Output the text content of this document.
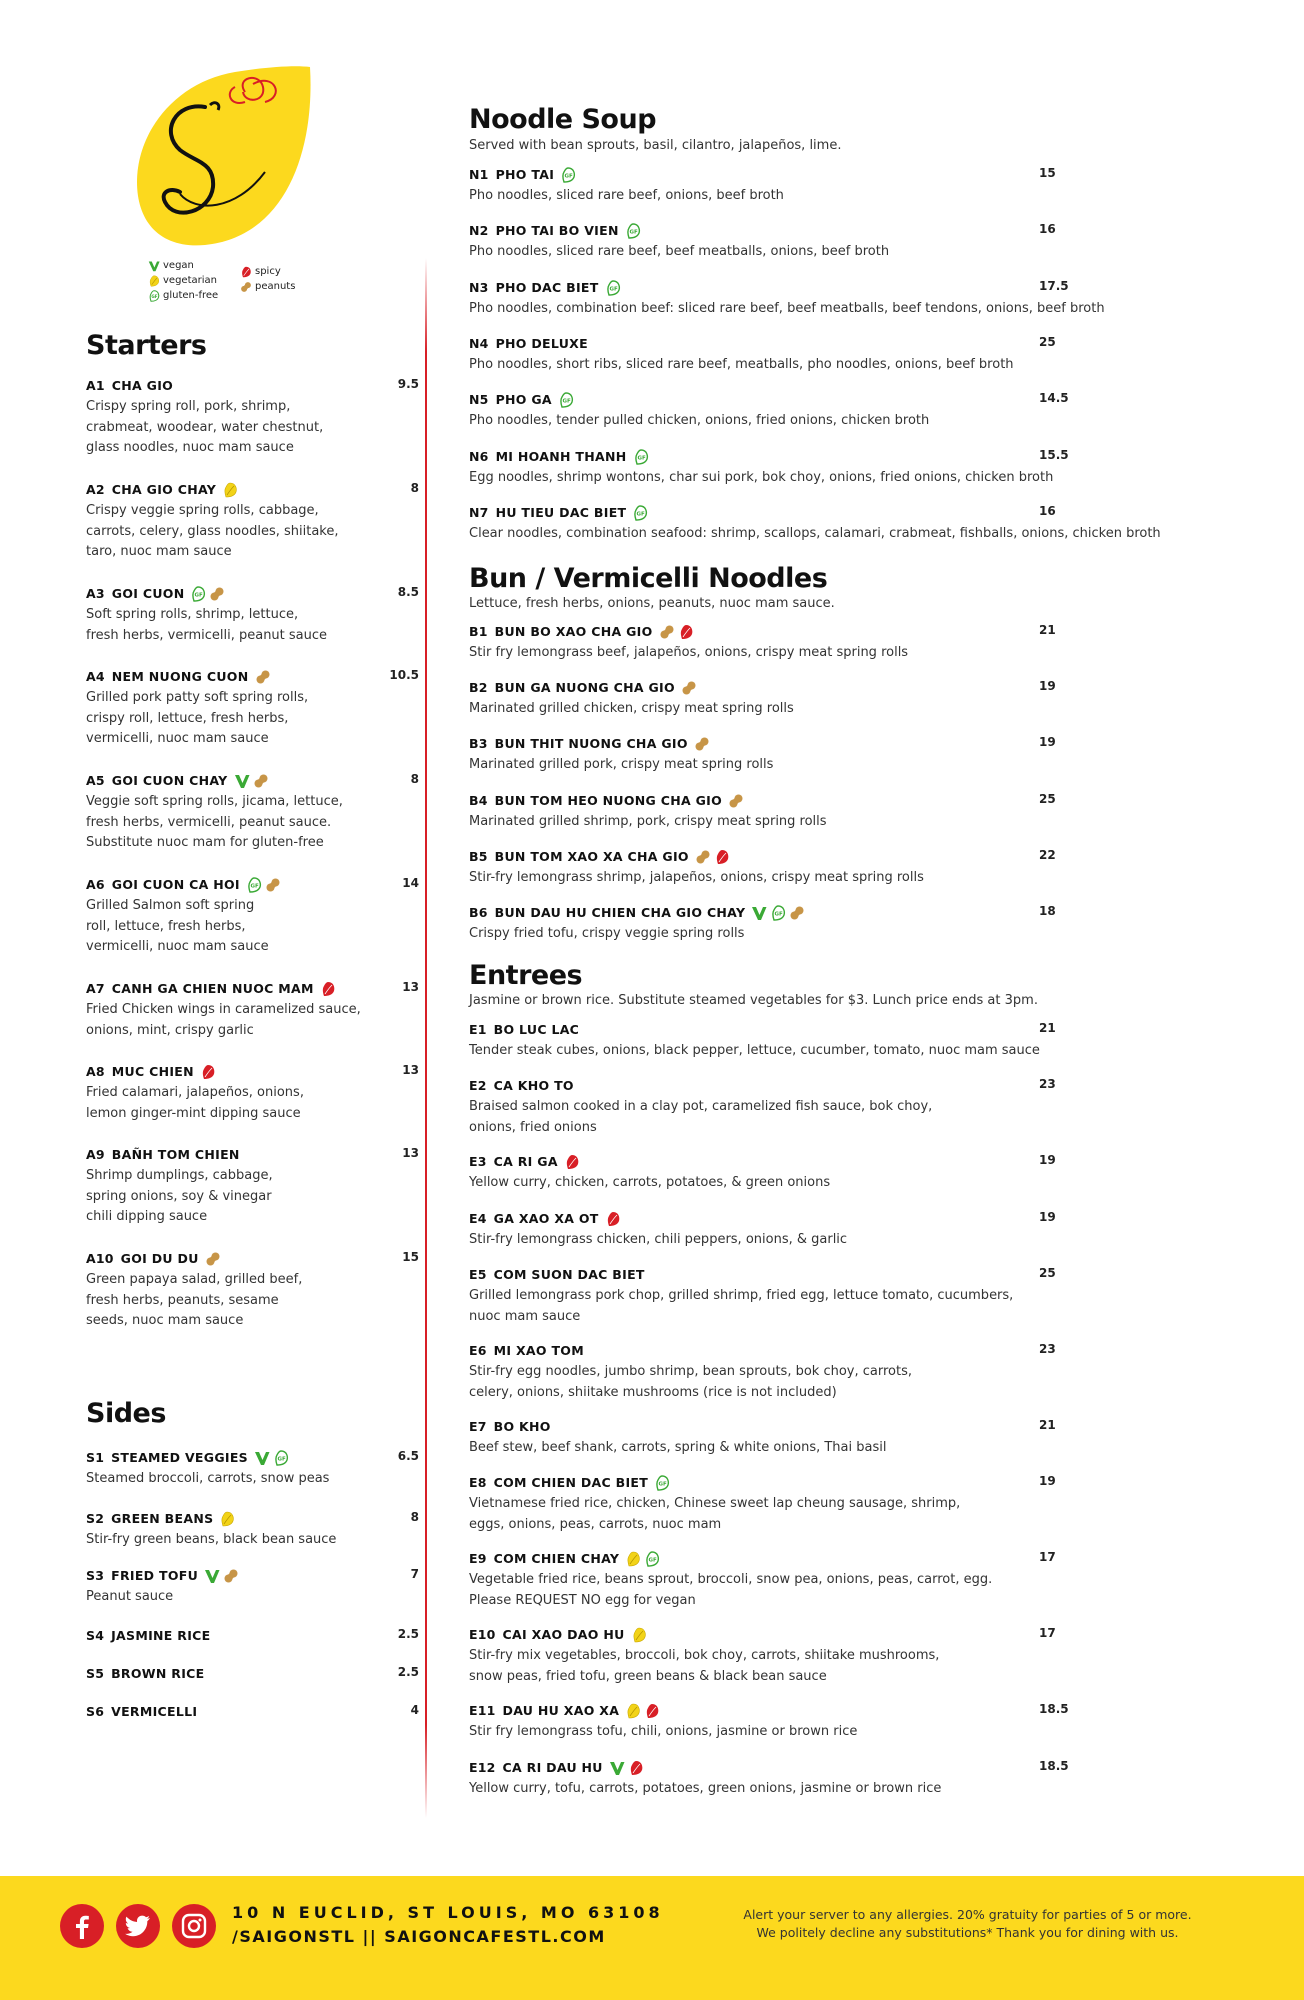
vegan
vegetarian
gluten-free
spicy
peanuts
Starters
A1 CHA GIO	9.5
Crispy spring roll, pork, shrimp,
crabmeat, woodear, water chestnut,
glass noodles, nuoc mam sauce
A2 CHA GIO CHAY	8
Crispy veggie spring rolls, cabbage,
carrots, celery, glass noodles, shiitake,
taro, nuoc mam sauce
A3 GOI CUON	8.5
Soft spring rolls, shrimp, lettuce,
fresh herbs, vermicelli, peanut sauce
A4 NEM NUONG CUON	10.5
Grilled pork patty soft spring rolls,
crispy roll, lettuce, fresh herbs,
vermicelli, nuoc mam sauce
A5 GOI CUON CHAY	8
Veggie soft spring rolls, jicama, lettuce,
fresh herbs, vermicelli, peanut sauce.
Substitute nuoc mam for gluten-free
A6 GOI CUON CA HOI	14
Grilled Salmon soft spring
roll, lettuce, fresh herbs,
vermicelli, nuoc mam sauce
A7 CANH GA CHIEN NUOC MAM	13
Fried Chicken wings in caramelized sauce,
onions, mint, crispy garlic
A8 MUC CHIEN	13
Fried calamari, jalapeños, onions,
lemon ginger-mint dipping sauce
A9 BAÑH TOM CHIEN	13
Shrimp dumplings, cabbage,
spring onions, soy & vinegar
chili dipping sauce
A10 GOI DU DU	15
Green papaya salad, grilled beef,
fresh herbs, peanuts, sesame
seeds, nuoc mam sauce
Sides
S1 STEAMED VEGGIES	6.5
Steamed broccoli, carrots, snow peas
S2 GREEN BEANS	8
Stir-fry green beans, black bean sauce
S3 FRIED TOFU	7
Peanut sauce
S4 JASMINE RICE	2.5
S5 BROWN RICE	2.5
S6 VERMICELLI	4
Noodle Soup
Served with bean sprouts, basil, cilantro, jalapeños, lime.
N1 PHO TAI	15
Pho noodles, sliced rare beef, onions, beef broth
N2 PHO TAI BO VIEN	16
Pho noodles, sliced rare beef, beef meatballs, onions, beef broth
N3 PHO DAC BIET	17.5
Pho noodles, combination beef: sliced rare beef, beef meatballs, beef tendons, onions, beef broth
N4 PHO DELUXE	25
Pho noodles, short ribs, sliced rare beef, meatballs, pho noodles, onions, beef broth
N5 PHO GA	14.5
Pho noodles, tender pulled chicken, onions, fried onions, chicken broth
N6 MI HOANH THANH	15.5
Egg noodles, shrimp wontons, char sui pork, bok choy, onions, fried onions, chicken broth
N7 HU TIEU DAC BIET	16
Clear noodles, combination seafood: shrimp, scallops, calamari, crabmeat, fishballs, onions, chicken broth
Bun / Vermicelli Noodles
Lettuce, fresh herbs, onions, peanuts, nuoc mam sauce.
B1 BUN BO XAO CHA GIO	21
Stir fry lemongrass beef, jalapeños, onions, crispy meat spring rolls
B2 BUN GA NUONG CHA GIO	19
Marinated grilled chicken, crispy meat spring rolls
B3 BUN THIT NUONG CHA GIO	19
Marinated grilled pork, crispy meat spring rolls
B4 BUN TOM HEO NUONG CHA GIO	25
Marinated grilled shrimp, pork, crispy meat spring rolls
B5 BUN TOM XAO XA CHA GIO	22
Stir-fry lemongrass shrimp, jalapeños, onions, crispy meat spring rolls
B6 BUN DAU HU CHIEN CHA GIO CHAY	18
Crispy fried tofu, crispy veggie spring rolls
Entrees
Jasmine or brown rice. Substitute steamed vegetables for $3. Lunch price ends at 3pm.
E1 BO LUC LAC	21
Tender steak cubes, onions, black pepper, lettuce, cucumber, tomato, nuoc mam sauce
E2 CA KHO TO	23
Braised salmon cooked in a clay pot, caramelized fish sauce, bok choy,
onions, fried onions
E3 CA RI GA	19
Yellow curry, chicken, carrots, potatoes, & green onions
E4 GA XAO XA OT	19
Stir-fry lemongrass chicken, chili peppers, onions, & garlic
E5 COM SUON DAC BIET	25
Grilled lemongrass pork chop, grilled shrimp, fried egg, lettuce tomato, cucumbers,
nuoc mam sauce
E6 MI XAO TOM	23
Stir-fry egg noodles, jumbo shrimp, bean sprouts, bok choy, carrots,
celery, onions, shiitake mushrooms (rice is not included)
E7 BO KHO	21
Beef stew, beef shank, carrots, spring & white onions, Thai basil
E8 COM CHIEN DAC BIET	19
Vietnamese fried rice, chicken, Chinese sweet lap cheung sausage, shrimp,
eggs, onions, peas, carrots, nuoc mam
E9 COM CHIEN CHAY	17
Vegetable fried rice, beans sprout, broccoli, snow pea, onions, peas, carrot, egg.
Please REQUEST NO egg for vegan
E10 CAI XAO DAO HU	17
Stir-fry mix vegetables, broccoli, bok choy, carrots, shiitake mushrooms,
snow peas, fried tofu, green beans & black bean sauce
E11 DAU HU XAO XA	18.5
Stir fry lemongrass tofu, chili, onions, jasmine or brown rice
E12 CA RI DAU HU	18.5
Yellow curry, tofu, carrots, potatoes, green onions, jasmine or brown rice
10 N EUCLID, ST LOUIS, MO 63108
/SAIGONSTL || SAIGONCAFESTL.COM
Alert your server to any allergies. 20% gratuity for parties of 5 or more.
We politely decline any substitutions* Thank you for dining with us.
